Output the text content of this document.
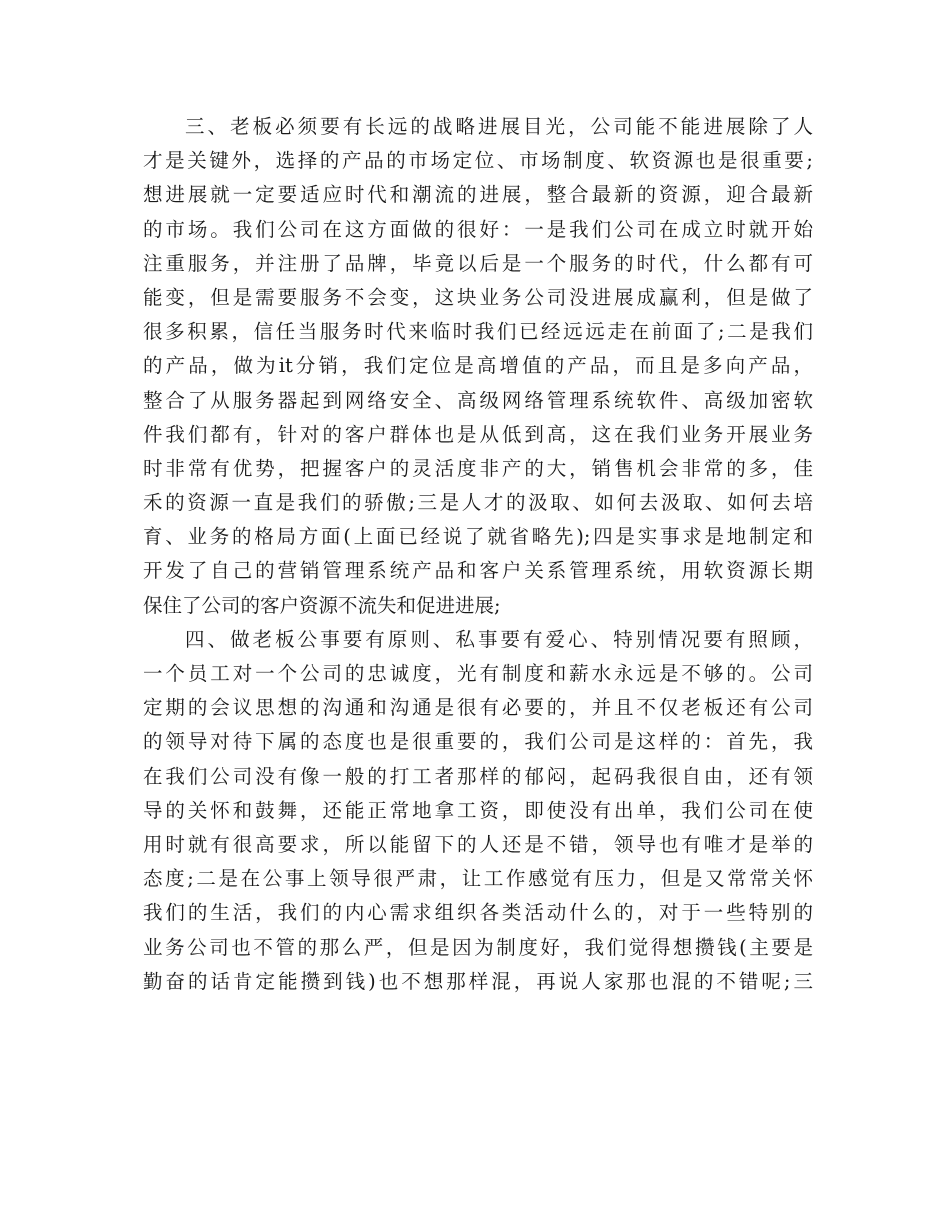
三、老板必须要有长远的战略进展目光，公司能不能进展除了人
才是关键外，选择的产品的市场定位、市场制度、软资源也是很重要;
想进展就一定要适应时代和潮流的进展，整合最新的资源，迎合最新
的市场。我们公司在这方面做的很好：一是我们公司在成立时就开始
注重服务，并注册了品牌，毕竟以后是一个服务的时代，什么都有可
能变，但是需要服务不会变，这块业务公司没进展成赢利，但是做了
很多积累，信任当服务时代来临时我们已经远远走在前面了;二是我们
的产品，做为it分销，我们定位是高增值的产品，而且是多向产品，
整合了从服务器起到网络安全、高级网络管理系统软件、高级加密软
件我们都有，针对的客户群体也是从低到高，这在我们业务开展业务
时非常有优势，把握客户的灵活度非产的大，销售机会非常的多，佳
禾的资源一直是我们的骄傲;三是人才的汲取、如何去汲取、如何去培
育、业务的格局方面(上面已经说了就省略先);四是实事求是地制定和
开发了自己的营销管理系统产品和客户关系管理系统，用软资源长期
保住了公司的客户资源不流失和促进进展;
四、做老板公事要有原则、私事要有爱心、特别情况要有照顾，
一个员工对一个公司的忠诚度，光有制度和薪水永远是不够的。公司
定期的会议思想的沟通和沟通是很有必要的，并且不仅老板还有公司
的领导对待下属的态度也是很重要的，我们公司是这样的：首先，我
在我们公司没有像一般的打工者那样的郁闷，起码我很自由，还有领
导的关怀和鼓舞，还能正常地拿工资，即使没有出单，我们公司在使
用时就有很高要求，所以能留下的人还是不错，领导也有唯才是举的
态度;二是在公事上领导很严肃，让工作感觉有压力，但是又常常关怀
我们的生活，我们的内心需求组织各类活动什么的，对于一些特别的
业务公司也不管的那么严，但是因为制度好，我们觉得想攒钱(主要是
勤奋的话肯定能攒到钱)也不想那样混，再说人家那也混的不错呢;三
